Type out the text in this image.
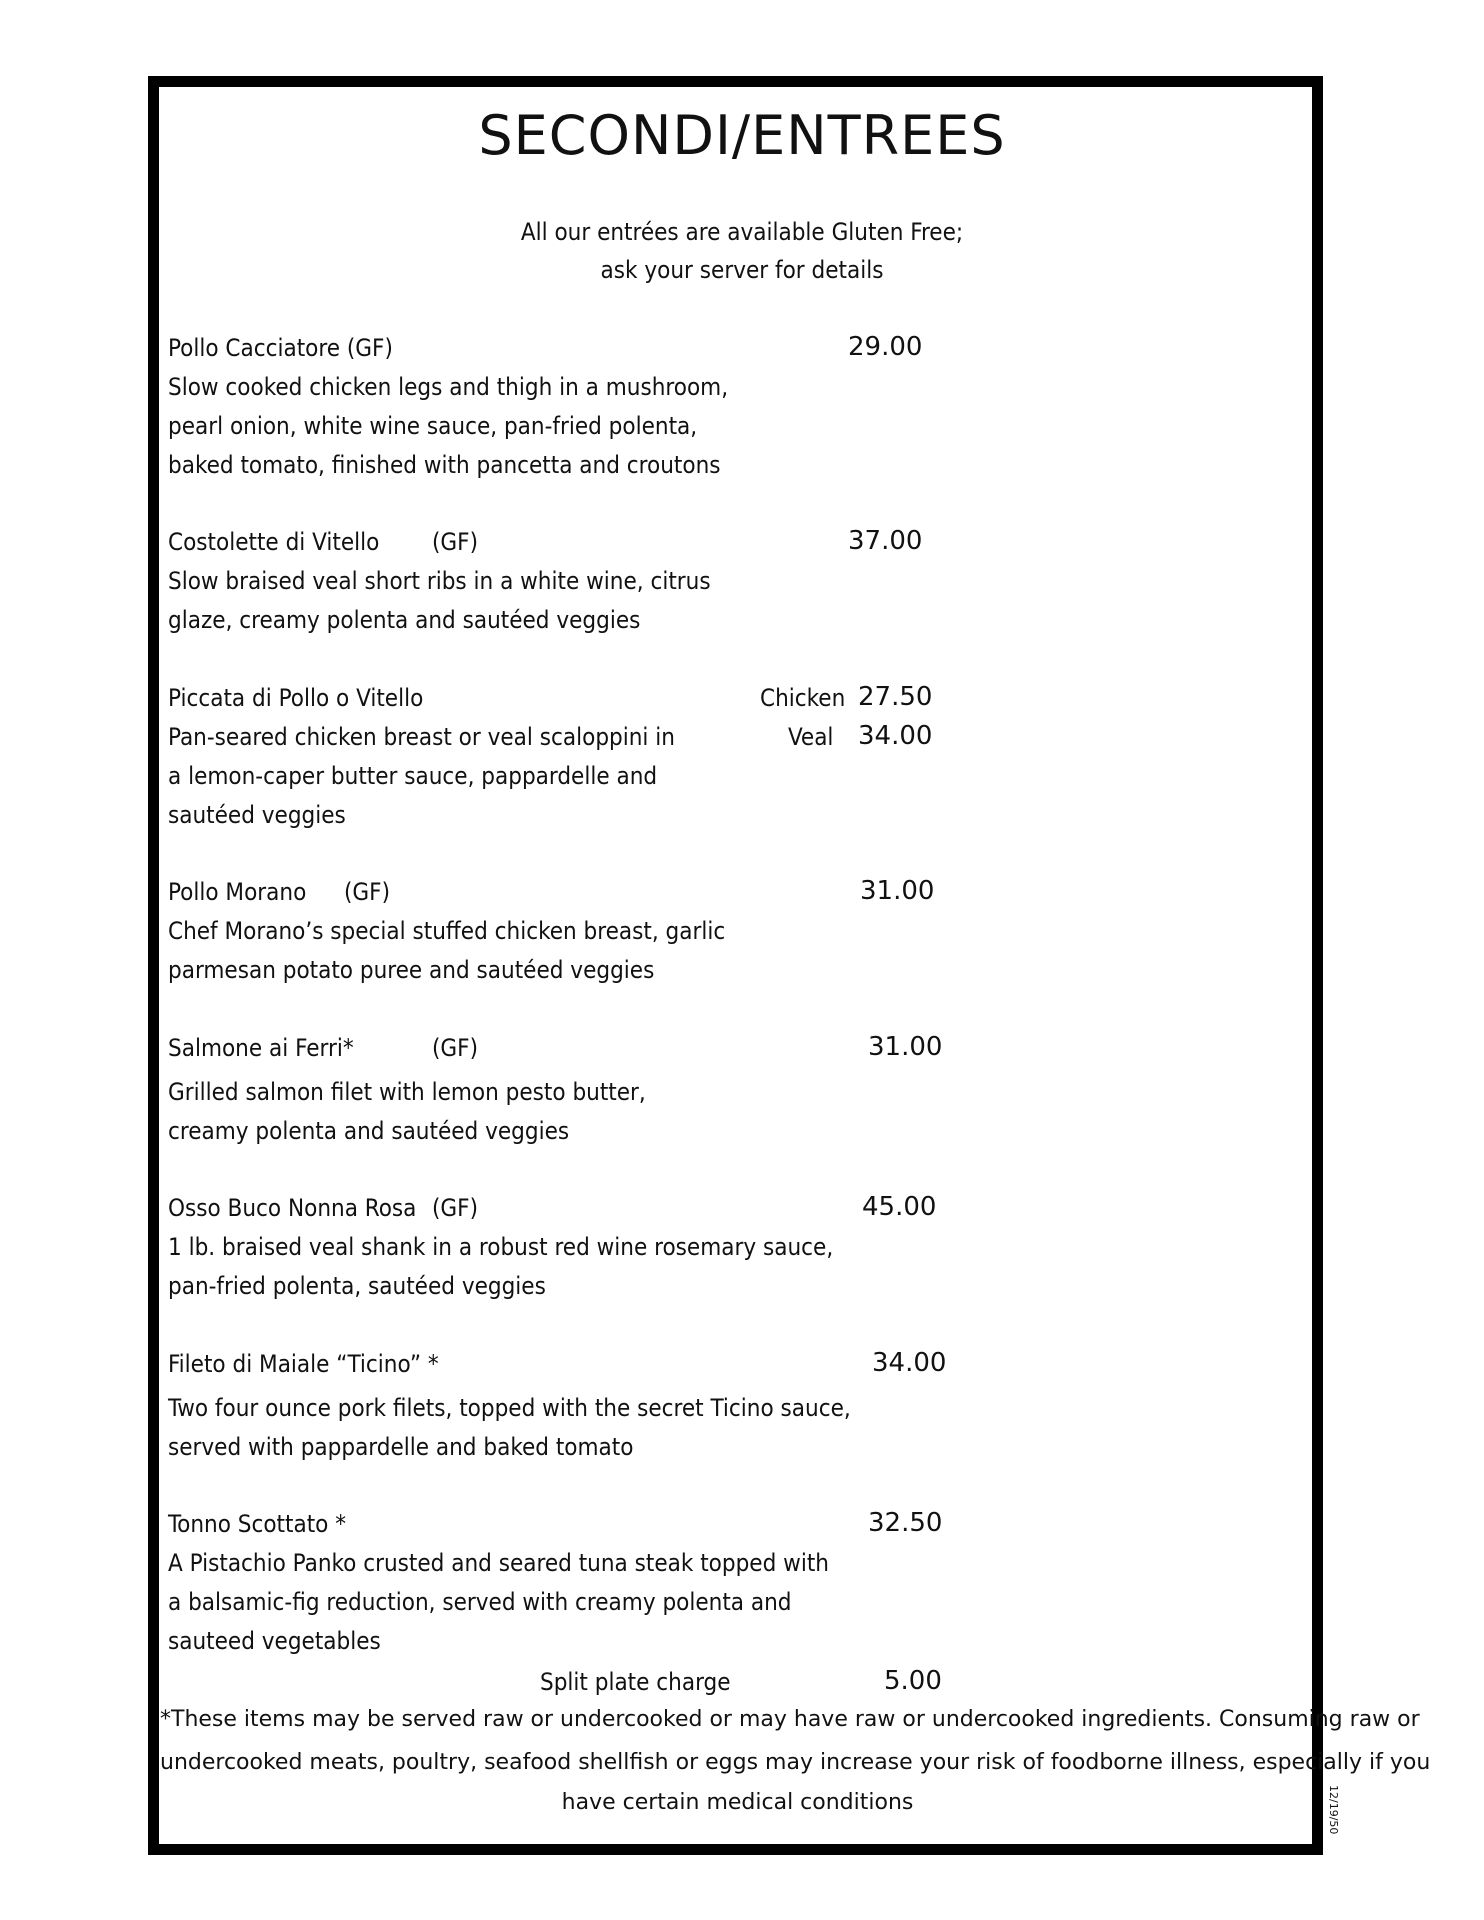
SECONDI/ENTREES
All our entrées are available Gluten Free;
ask your server for details
Pollo Cacciatore (GF)	29.00
Slow cooked chicken legs and thigh in a mushroom,
pearl onion, white wine sauce, pan-fried polenta,
baked tomato, finished with pancetta and croutons
Costolette di Vitello (GF)	37.00
Slow braised veal short ribs in a white wine, citrus
glaze, creamy polenta and sautéed veggies
Piccata di Pollo o Vitello	Chicken 27.50
Pan-seared chicken breast or veal scaloppini in	Veal 34.00
a lemon-caper butter sauce, pappardelle and
sautéed veggies
Pollo Morano (GF)	31.00
Chef Morano’s special stuffed chicken breast, garlic
parmesan potato puree and sautéed veggies
Salmone ai Ferri*	(GF)	31.00
Grilled salmon filet with lemon pesto butter,
creamy polenta and sautéed veggies
Osso Buco Nonna Rosa (GF)	45.00
1 lb. braised veal shank in a robust red wine rosemary sauce,
pan-fried polenta, sautéed veggies
Fileto di Maiale “Ticino” *	34.00
Two four ounce pork filets, topped with the secret Ticino sauce,
served with pappardelle and baked tomato
Tonno Scottato *	32.50
A Pistachio Panko crusted and seared tuna steak topped with
a balsamic-fig reduction, served with creamy polenta and
sauteed vegetables
Split plate charge	5.00
*These items may be served raw or undercooked or may have raw or undercooked ingredients. Consuming raw or
undercooked meats, poultry, seafood shellfish or eggs may increase your risk of foodborne illness, especially if you
have certain medical conditions	12/19/50
